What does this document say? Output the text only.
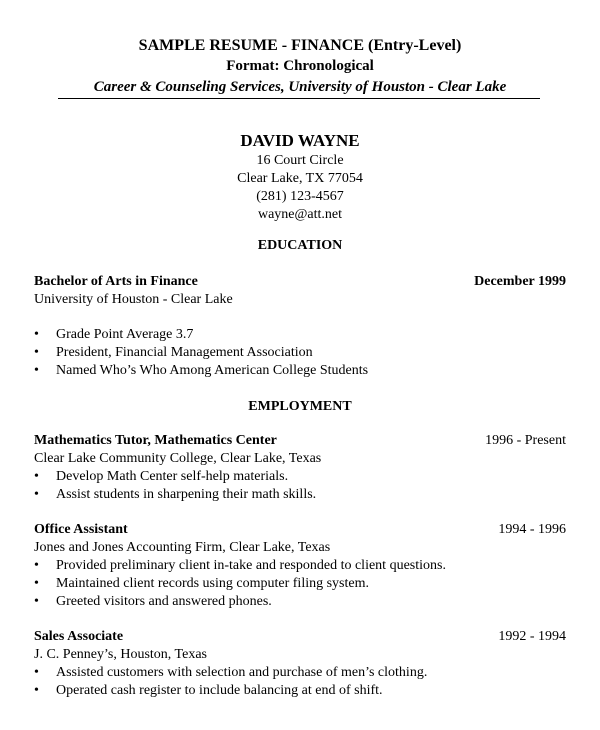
SAMPLE RESUME - FINANCE (Entry-Level)
Format: Chronological
Career & Counseling Services, University of Houston - Clear Lake
DAVID WAYNE
16 Court Circle
Clear Lake, TX 77054
(281) 123-4567
wayne@att.net
EDUCATION
Bachelor of Arts in Finance	December 1999
University of Houston - Clear Lake
• Grade Point Average 3.7
• President, Financial Management Association
• Named Who’s Who Among American College Students
EMPLOYMENT
Mathematics Tutor, Mathematics Center	1996 - Present
Clear Lake Community College, Clear Lake, Texas
• Develop Math Center self-help materials.
• Assist students in sharpening their math skills.
Office Assistant	1994 - 1996
Jones and Jones Accounting Firm, Clear Lake, Texas
• Provided preliminary client in-take and responded to client questions.
• Maintained client records using computer filing system.
• Greeted visitors and answered phones.
Sales Associate	1992 - 1994
J. C. Penney’s, Houston, Texas
• Assisted customers with selection and purchase of men’s clothing.
• Operated cash register to include balancing at end of shift.
